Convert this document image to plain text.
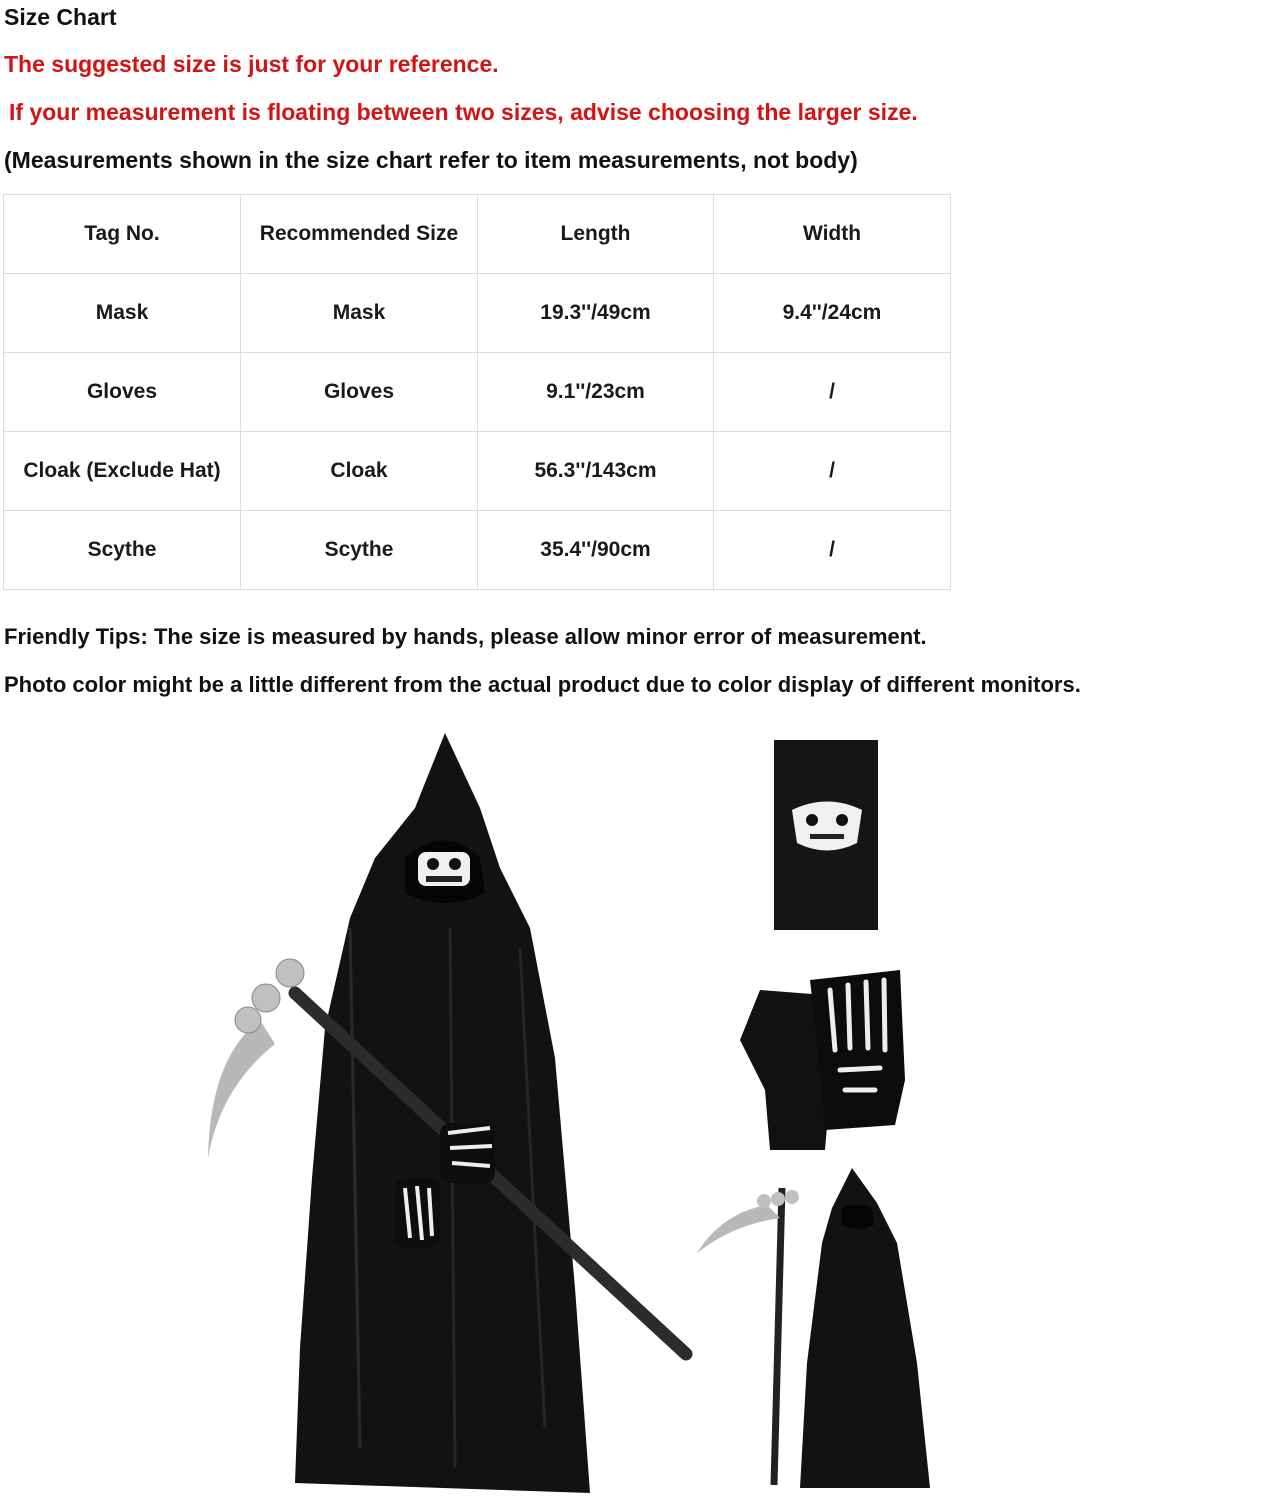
Size Chart
The suggested size is just for your reference.
If your measurement is floating between two sizes, advise choosing the larger size.
(Measurements shown in the size chart refer to item measurements, not body)
Tag No.	Recommended Size	Length	Width
Mask	Mask	19.3''/49cm	9.4''/24cm
Gloves	Gloves	9.1''/23cm	/
Cloak (Exclude Hat)	Cloak	56.3''/143cm	/
Scythe	Scythe	35.4''/90cm	/
Friendly Tips: The size is measured by hands, please allow minor error of measurement.
Photo color might be a little different from the actual product due to color display of different monitors.
